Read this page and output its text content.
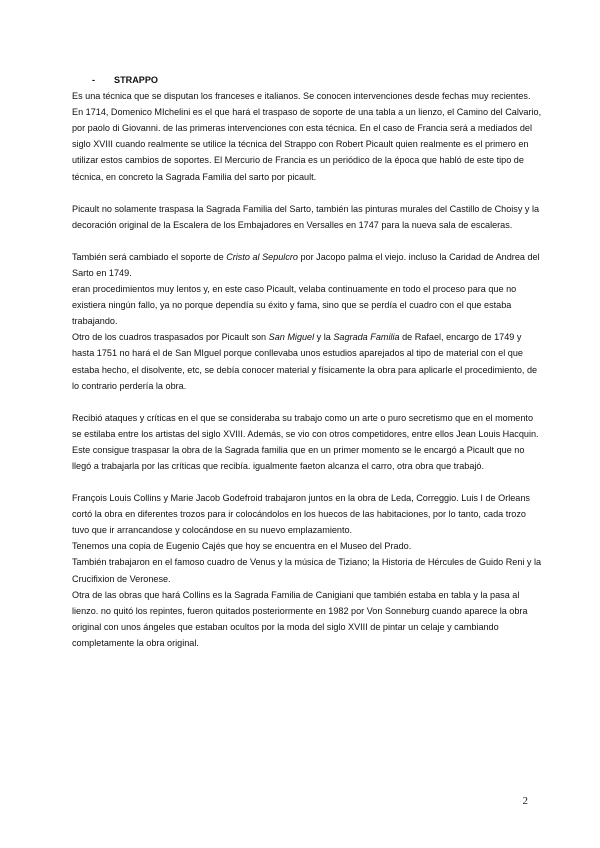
-	STRAPPO

Es una técnica que se disputan los franceses e italianos. Se conocen intervenciones desde fechas muy recientes. En 1714, Domenico MIchelini es el que hará el traspaso de soporte de una tabla a un lienzo, el Camino del Calvario, por paolo di Giovanni. de las primeras intervenciones con esta técnica. En el caso de Francia será a mediados del siglo XVIII cuando realmente se utilice la técnica del Strappo con Robert Picault quien realmente es el primero en utilizar estos cambios de soportes. El Mercurio de Francia es un periódico de la época que habló de este tipo de técnica, en concreto la Sagrada Familia del sarto por picault.

Picault no solamente traspasa la Sagrada Familia del Sarto, también las pinturas murales del Castillo de Choisy y la decoración original de la Escalera de los Embajadores en Versalles en 1747 para la nueva sala de escaleras.

También será cambiado el soporte de Cristo al Sepulcro por Jacopo palma el viejo. incluso la Caridad de Andrea del Sarto en 1749.

eran procedimientos muy lentos y, en este caso Picault, velaba continuamente en todo el proceso para que no existiera ningún fallo, ya no porque dependía su éxito y fama, sino que se perdía el cuadro con el que estaba trabajando.

Otro de los cuadros traspasados por Picault son San Miguel y la Sagrada Familia de Rafael, encargo de 1749 y hasta 1751 no hará el de San MIguel porque conllevaba unos estudios aparejados al tipo de material con el que estaba hecho, el disolvente, etc, se debía conocer material y físicamente la obra para aplicarle el procedimiento, de lo contrario perdería la obra.

Recibió ataques y críticas en el que se consideraba su trabajo como un arte o puro secretismo que en el momento se estilaba entre los artistas del siglo XVIII. Además, se vio con otros competidores, entre ellos Jean Louis Hacquin. Este consigue traspasar la obra de la Sagrada familia que en un primer momento se le encargó a Picault que no llegó a trabajarla por las críticas que recibía. igualmente faeton alcanza el carro, otra obra que trabajó.

François Louis Collins y Marie Jacob Godefroid trabajaron juntos en la obra de Leda, Correggio. Luis I de Orleans cortó la obra en diferentes trozos para ir colocándolos en los huecos de las habitaciones, por lo tanto, cada trozo tuvo que ir arrancandose y colocándose en su nuevo emplazamiento.

Tenemos una copia de Eugenio Cajés que hoy se encuentra en el Museo del Prado.

También trabajaron en el famoso cuadro de Venus y la música de Tiziano; la Historia de Hércules de Guido Reni y la Crucifixion de Veronese.

Otra de las obras que hará Collins es la Sagrada Familia de Canigiani que también estaba en tabla y la pasa al lienzo. no quitó los repintes, fueron quitados posteriormente en 1982 por Von Sonneburg cuando aparece la obra original con unos ángeles que estaban ocultos por la moda del siglo XVIII de pintar un celaje y cambiando completamente la obra original.

2
